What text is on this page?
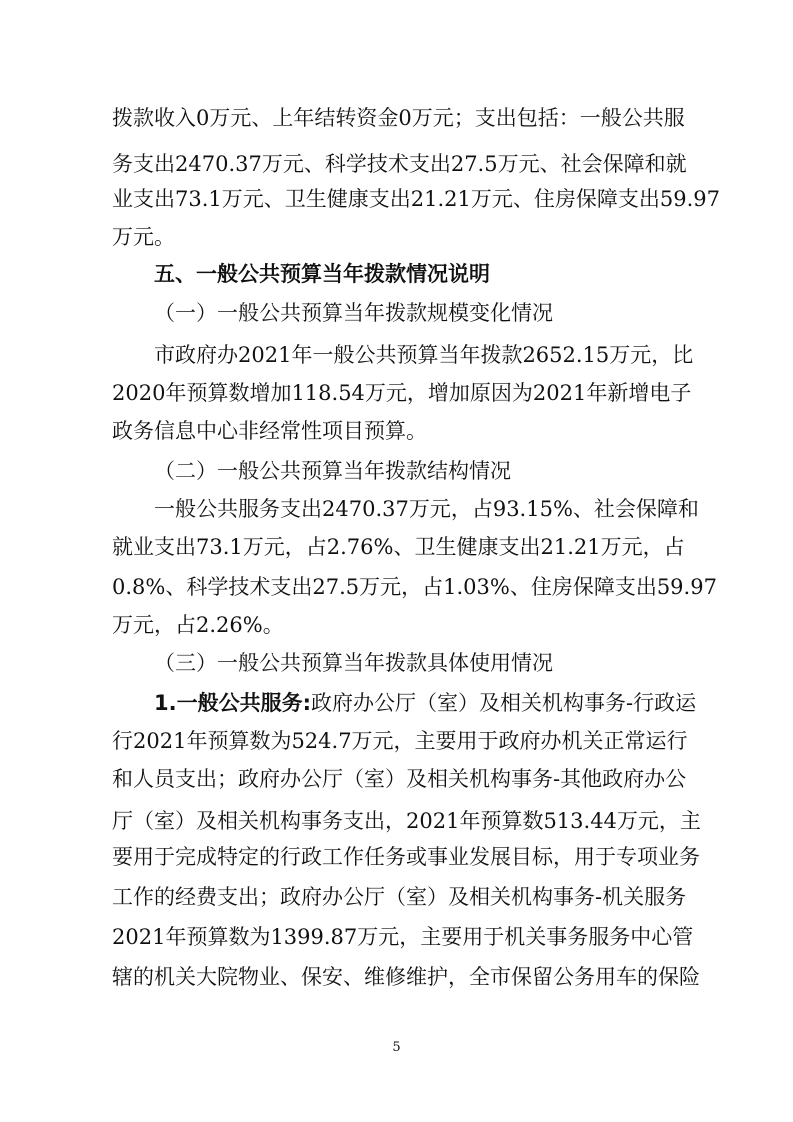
拨款收入0万元、上年结转资金0万元；支出包括：一般公共服
务支出2470.37万元、科学技术支出27.5万元、社会保障和就
业支出73.1万元、卫生健康支出21.21万元、住房保障支出59.97
万元。
五、一般公共预算当年拨款情况说明
（一）一般公共预算当年拨款规模变化情况
市政府办2021年一般公共预算当年拨款2652.15万元，比
2020年预算数增加118.54万元，增加原因为2021年新增电子
政务信息中心非经常性项目预算。
（二）一般公共预算当年拨款结构情况
一般公共服务支出2470.37万元，占93.15%、社会保障和
就业支出73.1万元，占2.76%、卫生健康支出21.21万元，占
0.8%、科学技术支出27.5万元，占1.03%、住房保障支出59.97
万元，占2.26%。
（三）一般公共预算当年拨款具体使用情况
1.一般公共服务:政府办公厅（室）及相关机构事务-行政运
行2021年预算数为524.7万元，主要用于政府办机关正常运行
和人员支出；政府办公厅（室）及相关机构事务-其他政府办公
厅（室）及相关机构事务支出，2021年预算数513.44万元，主
要用于完成特定的行政工作任务或事业发展目标，用于专项业务
工作的经费支出；政府办公厅（室）及相关机构事务-机关服务
2021年预算数为1399.87万元，主要用于机关事务服务中心管
辖的机关大院物业、保安、维修维护，全市保留公务用车的保险
5
